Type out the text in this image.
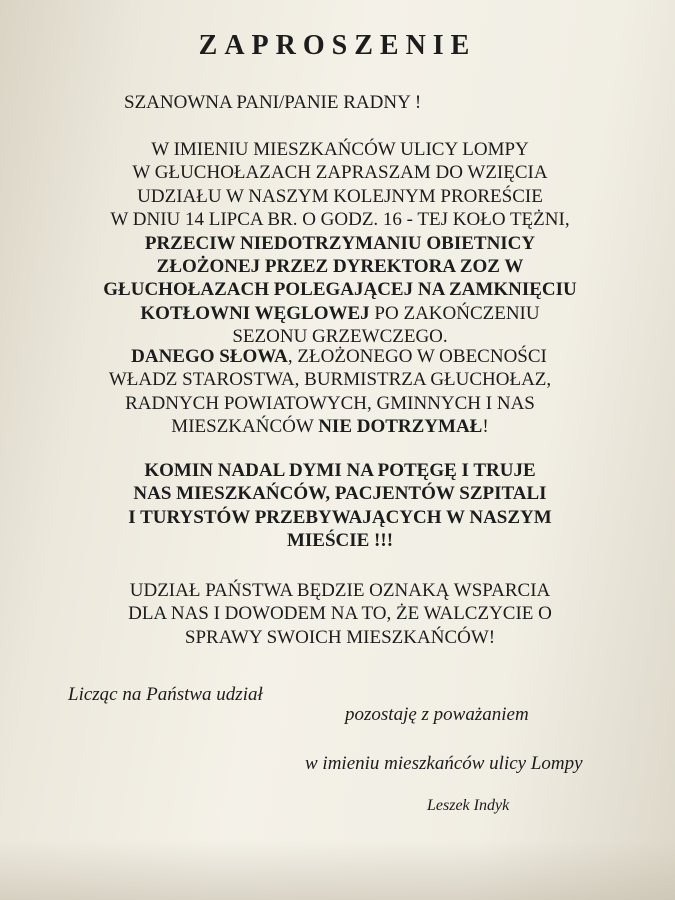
ZAPROSZENIE
SZANOWNA PANI/PANIE RADNY !
W IMIENIU MIESZKAŃCÓW ULICY LOMPY
W GŁUCHOŁAZACH ZAPRASZAM DO WZIĘCIA
UDZIAŁU W NASZYM KOLEJNYM PROREŚCIE
W DNIU 14 LIPCA BR. O GODZ. 16 - TEJ KOŁO TĘŻNI,
PRZECIW NIEDOTRZYMANIU OBIETNICY
ZŁOŻONEJ PRZEZ DYREKTORA ZOZ W
GŁUCHOŁAZACH POLEGAJĄCEJ NA ZAMKNIĘCIU
KOTŁOWNI WĘGLOWEJ PO ZAKOŃCZENIU
SEZONU GRZEWCZEGO.
DANEGO SŁOWA, ZŁOŻONEGO W OBECNOŚCI
WŁADZ STAROSTWA, BURMISTRZA GŁUCHOŁAZ,
RADNYCH POWIATOWYCH, GMINNYCH I NAS
MIESZKAŃCÓW NIE DOTRZYMAŁ!
KOMIN NADAL DYMI NA POTĘGĘ I TRUJE
NAS MIESZKAŃCÓW, PACJENTÓW SZPITALI
I TURYSTÓW PRZEBYWAJĄCYCH W NASZYM
MIEŚCIE !!!
UDZIAŁ PAŃSTWA BĘDZIE OZNAKĄ WSPARCIA
DLA NAS I DOWODEM NA TO, ŻE WALCZYCIE O
SPRAWY SWOICH MIESZKAŃCÓW!
Licząc na Państwa udział
pozostaję z poważaniem
w imieniu mieszkańców ulicy Lompy
Leszek Indyk
